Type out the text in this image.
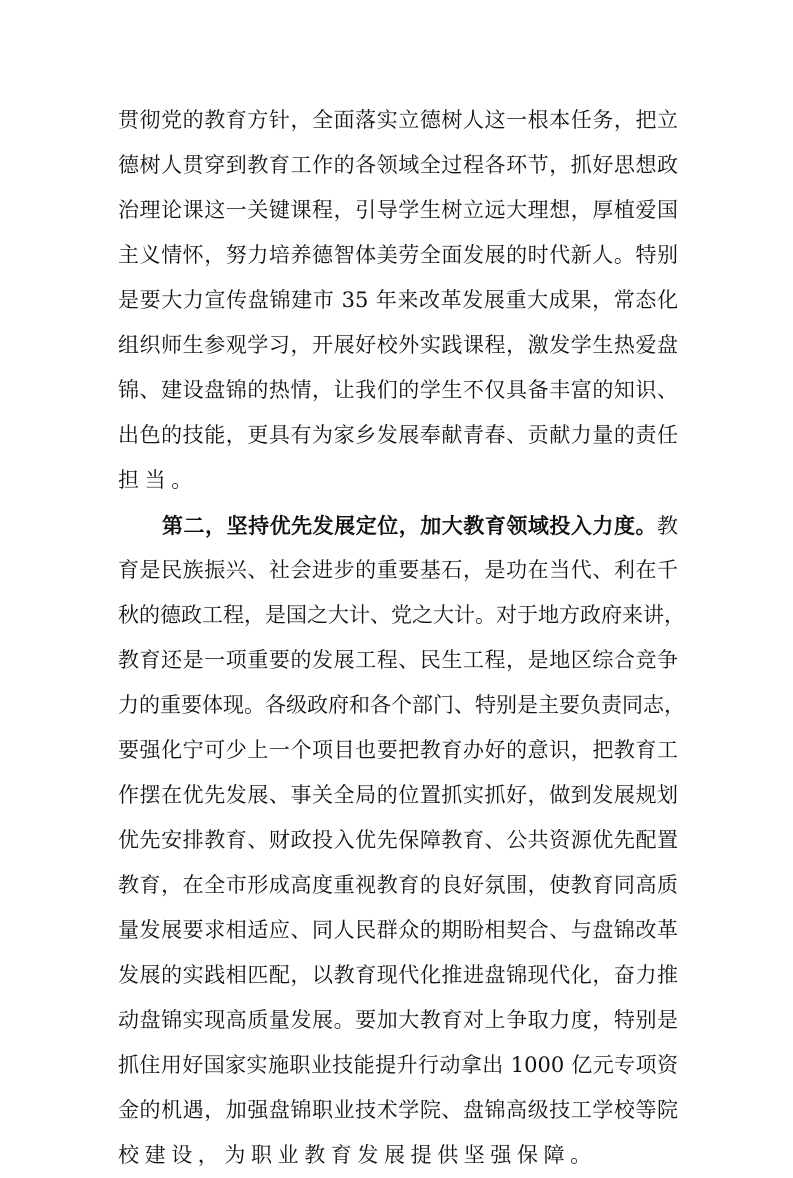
贯彻党的教育方针，全面落实立德树人这一根本任务，把立
德树人贯穿到教育工作的各领域全过程各环节，抓好思想政
治理论课这一关键课程，引导学生树立远大理想，厚植爱国
主义情怀，努力培养德智体美劳全面发展的时代新人。特别
是要大力宣传盘锦建市 35 年来改革发展重大成果，常态化
组织师生参观学习，开展好校外实践课程，激发学生热爱盘
锦、建设盘锦的热情，让我们的学生不仅具备丰富的知识、
出色的技能，更具有为家乡发展奉献青春、贡献力量的责任
担当。
第二，坚持优先发展定位，加大教育领域投入力度。教
育是民族振兴、社会进步的重要基石，是功在当代、利在千
秋的德政工程，是国之大计、党之大计。对于地方政府来讲，
教育还是一项重要的发展工程、民生工程，是地区综合竞争
力的重要体现。各级政府和各个部门、特别是主要负责同志，
要强化宁可少上一个项目也要把教育办好的意识，把教育工
作摆在优先发展、事关全局的位置抓实抓好，做到发展规划
优先安排教育、财政投入优先保障教育、公共资源优先配置
教育，在全市形成高度重视教育的良好氛围，使教育同高质
量发展要求相适应、同人民群众的期盼相契合、与盘锦改革
发展的实践相匹配，以教育现代化推进盘锦现代化，奋力推
动盘锦实现高质量发展。要加大教育对上争取力度，特别是
抓住用好国家实施职业技能提升行动拿出 1000 亿元专项资
金的机遇，加强盘锦职业技术学院、盘锦高级技工学校等院
校建设，为职业教育发展提供坚强保障。
